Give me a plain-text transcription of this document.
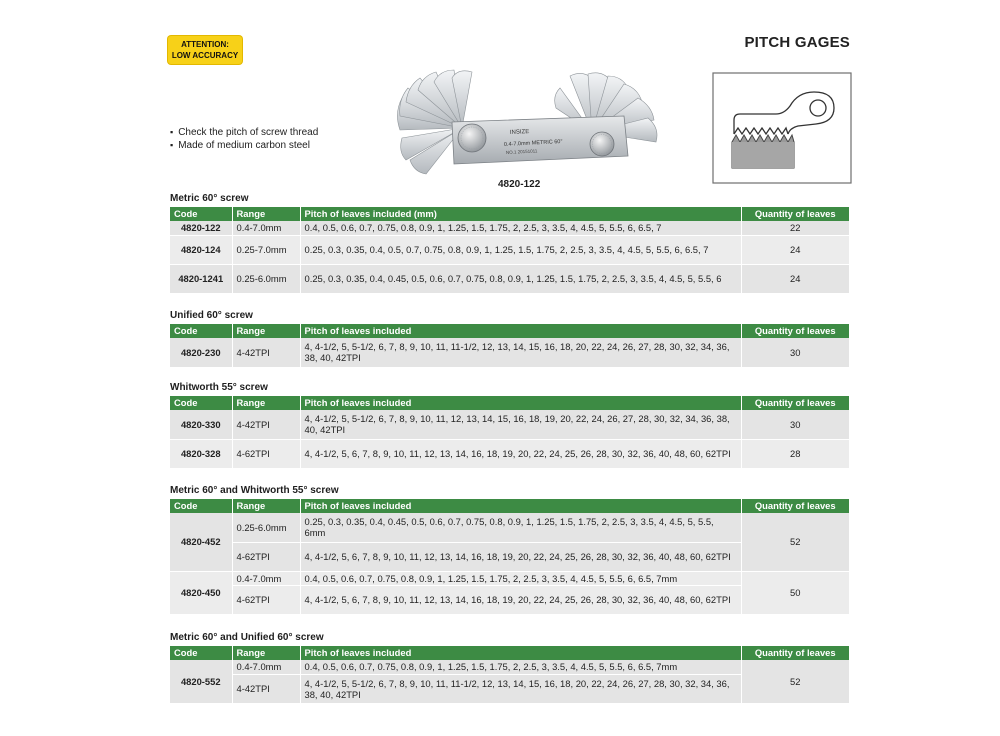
ATTENTION:
LOW ACCURACY
PITCH GAGES
▪ Check the pitch of screw thread
▪ Made of medium carbon steel
INSIZE
0.4-7.0mm METRIC 60°
NO.1 20151011
4820-122
Metric 60° screw
Code	Range	Pitch of leaves included (mm)	Quantity of leaves
4820-122	0.4-7.0mm	0.4, 0.5, 0.6, 0.7, 0.75, 0.8, 0.9, 1, 1.25, 1.5, 1.75, 2, 2.5, 3, 3.5, 4, 4.5, 5, 5.5, 6, 6.5, 7	22
4820-124	0.25-7.0mm	0.25, 0.3, 0.35, 0.4, 0.5, 0.7, 0.75, 0.8, 0.9, 1, 1.25, 1.5, 1.75, 2, 2.5, 3, 3.5, 4, 4.5, 5, 5.5, 6, 6.5, 7	24
4820-1241	0.25-6.0mm	0.25, 0.3, 0.35, 0.4, 0.45, 0.5, 0.6, 0.7, 0.75, 0.8, 0.9, 1, 1.25, 1.5, 1.75, 2, 2.5, 3, 3.5, 4, 4.5, 5, 5.5, 6	24
Unified 60° screw
Code	Range	Pitch of leaves included	Quantity of leaves
4820-230	4-42TPI	4, 4-1/2, 5, 5-1/2, 6, 7, 8, 9, 10, 11, 11-1/2, 12, 13, 14, 15, 16, 18, 20, 22, 24, 26, 27, 28, 30, 32, 34, 36, 38, 40, 42TPI	30
Whitworth 55° screw
Code	Range	Pitch of leaves included	Quantity of leaves
4820-330	4-42TPI	4, 4-1/2, 5, 5-1/2, 6, 7, 8, 9, 10, 11, 12, 13, 14, 15, 16, 18, 19, 20, 22, 24, 26, 27, 28, 30, 32, 34, 36, 38, 40, 42TPI	30
4820-328	4-62TPI	4, 4-1/2, 5, 6, 7, 8, 9, 10, 11, 12, 13, 14, 16, 18, 19, 20, 22, 24, 25, 26, 28, 30, 32, 36, 40, 48, 60, 62TPI	28
Metric 60° and Whitworth 55° screw
Code	Range	Pitch of leaves included	Quantity of leaves
4820-452	0.25-6.0mm	0.25, 0.3, 0.35, 0.4, 0.45, 0.5, 0.6, 0.7, 0.75, 0.8, 0.9, 1, 1.25, 1.5, 1.75, 2, 2.5, 3, 3.5, 4, 4.5, 5, 5.5, 6mm	52
	4-62TPI	4, 4-1/2, 5, 6, 7, 8, 9, 10, 11, 12, 13, 14, 16, 18, 19, 20, 22, 24, 25, 26, 28, 30, 32, 36, 40, 48, 60, 62TPI	
4820-450	0.4-7.0mm	0.4, 0.5, 0.6, 0.7, 0.75, 0.8, 0.9, 1, 1.25, 1.5, 1.75, 2, 2.5, 3, 3.5, 4, 4.5, 5, 5.5, 6, 6.5, 7mm	50
	4-62TPI	4, 4-1/2, 5, 6, 7, 8, 9, 10, 11, 12, 13, 14, 16, 18, 19, 20, 22, 24, 25, 26, 28, 30, 32, 36, 40, 48, 60, 62TPI	
Metric 60° and Unified 60° screw
Code	Range	Pitch of leaves included	Quantity of leaves
4820-552	0.4-7.0mm	0.4, 0.5, 0.6, 0.7, 0.75, 0.8, 0.9, 1, 1.25, 1.5, 1.75, 2, 2.5, 3, 3.5, 4, 4.5, 5, 5.5, 6, 6.5, 7mm	52
	4-42TPI	4, 4-1/2, 5, 5-1/2, 6, 7, 8, 9, 10, 11, 11-1/2, 12, 13, 14, 15, 16, 18, 20, 22, 24, 26, 27, 28, 30, 32, 34, 36, 38, 40, 42TPI	
